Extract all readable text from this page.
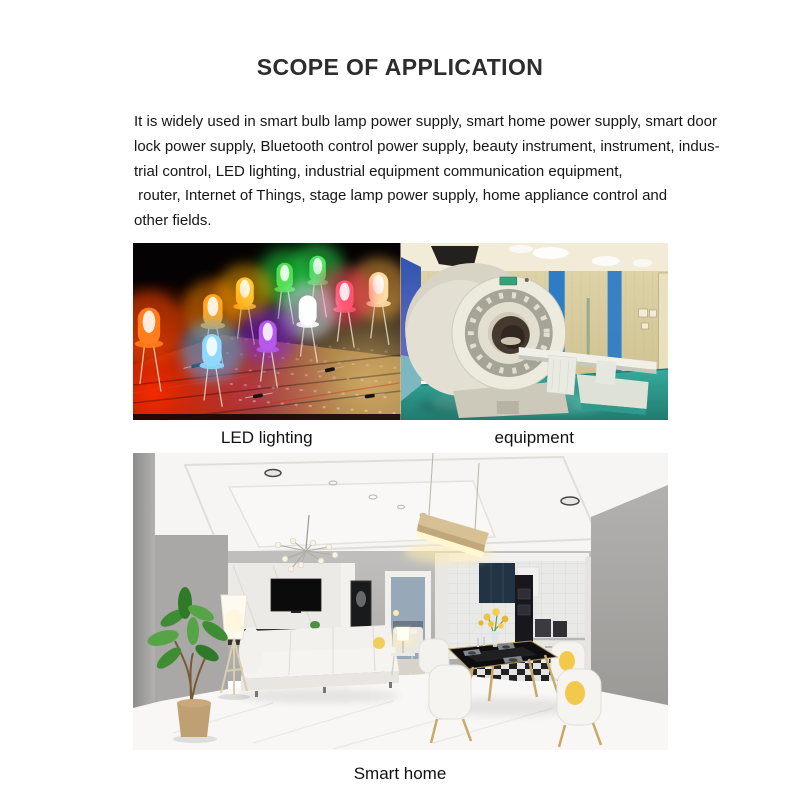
SCOPE OF APPLICATION
It is widely used in smart bulb lamp power supply, smart home power supply, smart door
lock power supply, Bluetooth control power supply, beauty instrument, instrument, indus-
trial control, LED lighting, industrial equipment communication equipment,
router, Internet of Things, stage lamp power supply, home appliance control and
other fields.
LED lighting	equipment
Smart home
